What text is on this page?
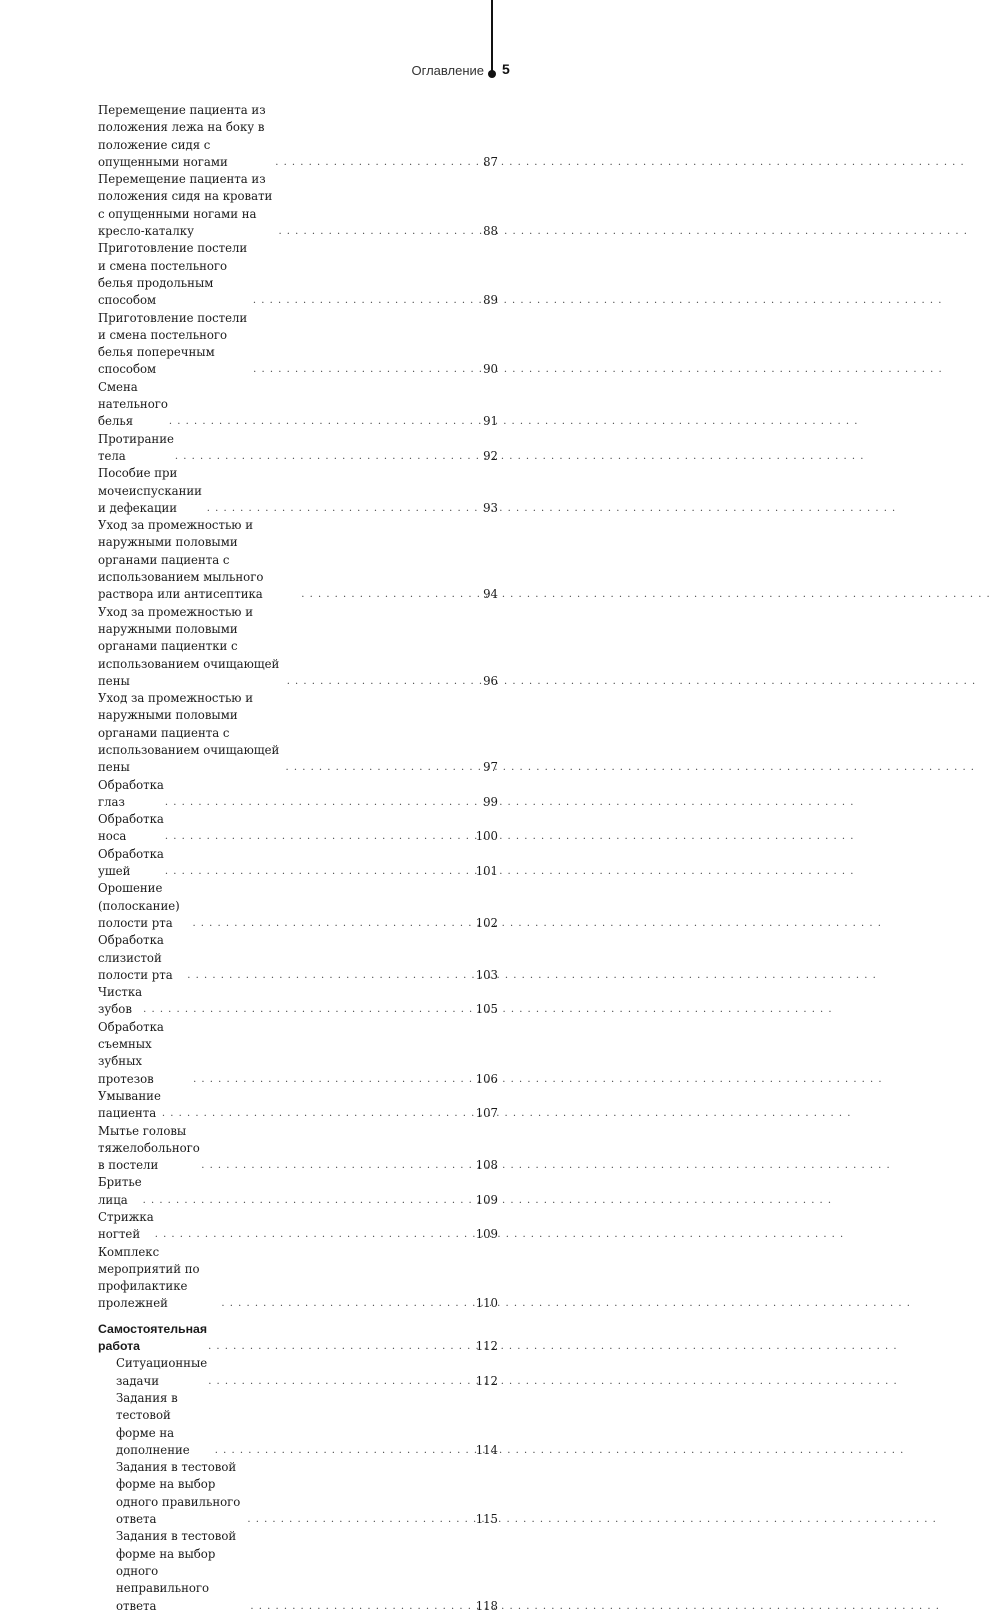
Оглавление 5
Перемещение пациента из положения лежа на боку в положение сидя с опущенными ногами . . .	87
Перемещение пациента из положения сидя на кровати с опущенными ногами на кресло-каталку . . .	88
Приготовление постели и смена постельного белья продольным способом . . .	89
Приготовление постели и смена постельного белья поперечным способом . . .	90
Смена нательного белья . . .	91
Протирание тела . . .	92
Пособие при мочеиспускании и дефекации . . .	93
Уход за промежностью и наружными половыми органами пациента с использованием мыльного раствора или антисептика . . .	94
Уход за промежностью и наружными половыми органами пациентки с использованием очищающей пены . . .	96
Уход за промежностью и наружными половыми органами пациента с использованием очищающей пены . . .	97
Обработка глаз . . .	99
Обработка носа . . .	100
Обработка ушей . . .	101
Орошение (полоскание) полости рта . . .	102
Обработка слизистой полости рта . . .	103
Чистка зубов . . .	105
Обработка съемных зубных протезов . . .	106
Умывание пациента . . .	107
Мытье головы тяжелобольного в постели . . .	108
Бритье лица . . .	109
Стрижка ногтей . . .	109
Комплекс мероприятий по профилактике пролежней . . .	110
Самостоятельная работа . . .	112
Ситуационные задачи . . .	112
Задания в тестовой форме на дополнение . . .	114
Задания в тестовой форме на выбор одного правильного ответа . . .	115
Задания в тестовой форме на выбор одного неправильного ответа . . .	118
